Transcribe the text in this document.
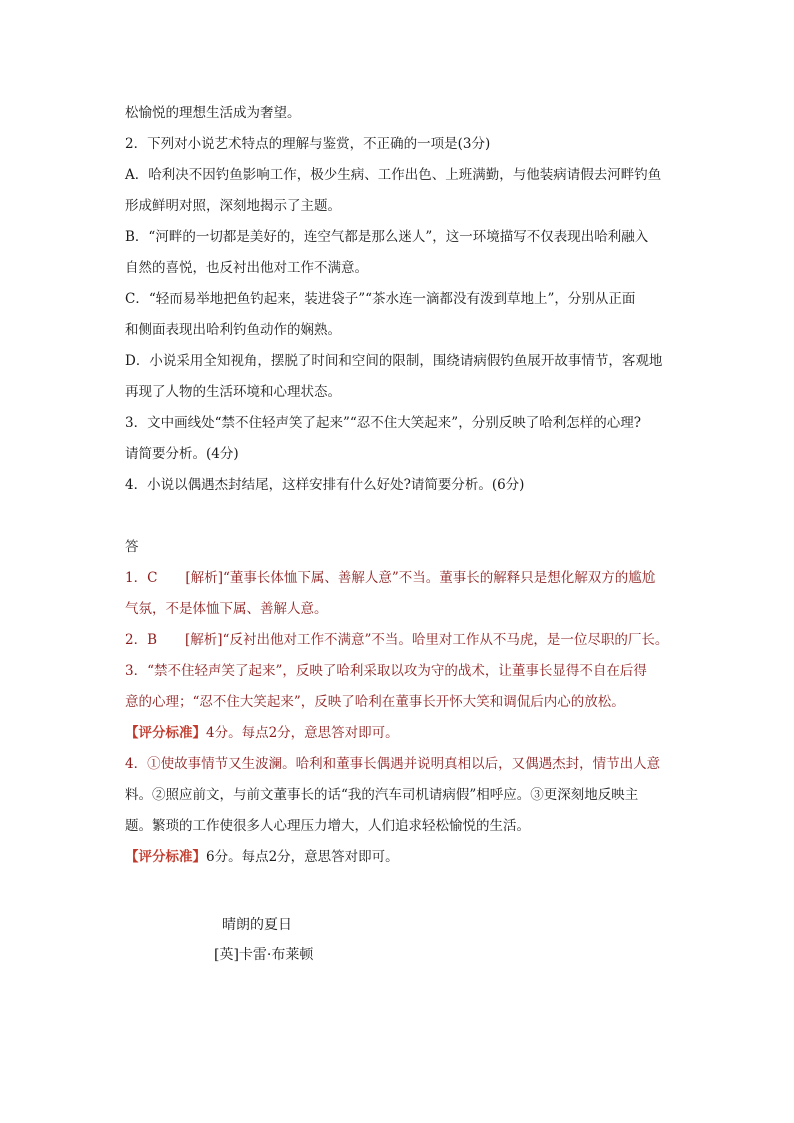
松愉悦的理想生活成为奢望。
2．下列对小说艺术特点的理解与鉴赏，不正确的一项是(3分)
A．哈利决不因钓鱼影响工作，极少生病、工作出色、上班满勤，与他装病请假去河畔钓鱼
形成鲜明对照，深刻地揭示了主题。
B．“河畔的一切都是美好的，连空气都是那么迷人”，这一环境描写不仅表现出哈利融入
自然的喜悦，也反衬出他对工作不满意。
C．“轻而易举地把鱼钓起来，装进袋子”“茶水连一滴都没有泼到草地上”，分别从正面
和侧面表现出哈利钓鱼动作的娴熟。
D．小说采用全知视角，摆脱了时间和空间的限制，围绕请病假钓鱼展开故事情节，客观地
再现了人物的生活环境和心理状态。
3．文中画线处“禁不住轻声笑了起来”“忍不住大笑起来”，分别反映了哈利怎样的心理?
请简要分析。(4分)
4．小说以偶遇杰封结尾，这样安排有什么好处?请简要分析。(6分)
答
1．C [解析]“董事长体恤下属、善解人意”不当。董事长的解释只是想化解双方的尴尬
气氛，不是体恤下属、善解人意。
2．B [解析]“反衬出他对工作不满意”不当。哈里对工作从不马虎，是一位尽职的厂长。
3．“禁不住轻声笑了起来”，反映了哈利采取以攻为守的战术，让董事长显得不自在后得
意的心理；“忍不住大笑起来”，反映了哈利在董事长开怀大笑和调侃后内心的放松。
【评分标准】4分。每点2分，意思答对即可。
4．①使故事情节又生波澜。哈利和董事长偶遇并说明真相以后，又偶遇杰封，情节出人意
料。②照应前文，与前文董事长的话“我的汽车司机请病假”相呼应。③更深刻地反映主
题。繁琐的工作使很多人心理压力增大，人们追求轻松愉悦的生活。
【评分标准】6分。每点2分，意思答对即可。
晴朗的夏日
[英]卡雷·布莱顿
